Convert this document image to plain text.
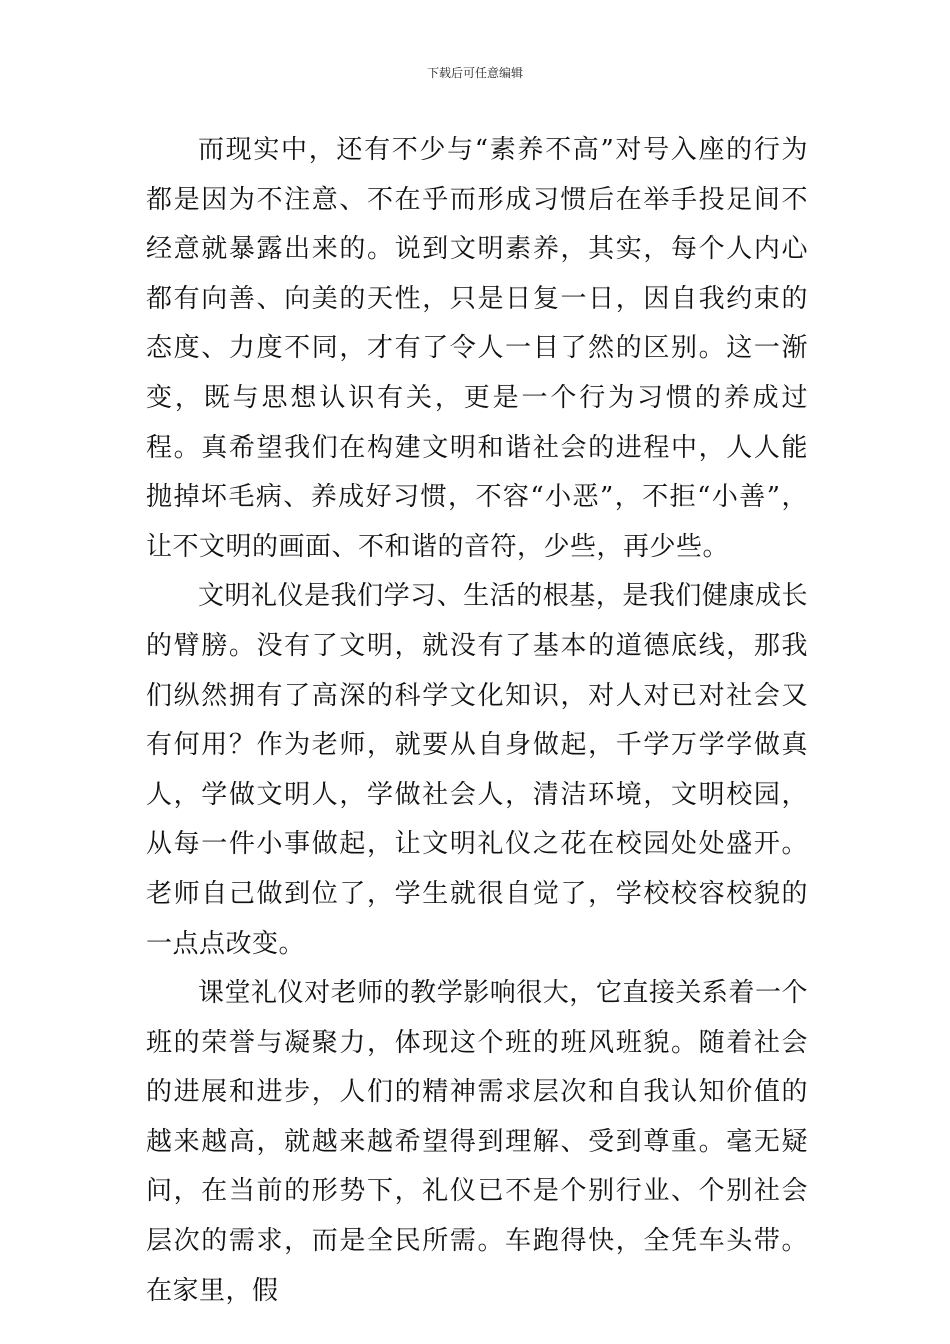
下载后可任意编辑

而现实中，还有不少与“素养不高”对号入座的行为都是因为不注意、不在乎而形成习惯后在举手投足间不经意就暴露出来的。说到文明素养，其实，每个人内心都有向善、向美的天性，只是日复一日，因自我约束的态度、力度不同，才有了令人一目了然的区别。这一渐变，既与思想认识有关，更是一个行为习惯的养成过程。真希望我们在构建文明和谐社会的进程中，人人能抛掉坏毛病、养成好习惯，不容“小恶”，不拒“小善”，让不文明的画面、不和谐的音符，少些，再少些。

文明礼仪是我们学习、生活的根基，是我们健康成长的臂膀。没有了文明，就没有了基本的道德底线，那我们纵然拥有了高深的科学文化知识，对人对已对社会又有何用？作为老师，就要从自身做起，千学万学学做真人，学做文明人，学做社会人，清洁环境，文明校园，从每一件小事做起，让文明礼仪之花在校园处处盛开。老师自己做到位了，学生就很自觉了，学校校容校貌的一点点改变。

课堂礼仪对老师的教学影响很大，它直接关系着一个班的荣誉与凝聚力，体现这个班的班风班貌。随着社会的进展和进步，人们的精神需求层次和自我认知价值的越来越高，就越来越希望得到理解、受到尊重。毫无疑问，在当前的形势下，礼仪已不是个别行业、个别社会层次的需求，而是全民所需。车跑得快，全凭车头带。在家里，假
